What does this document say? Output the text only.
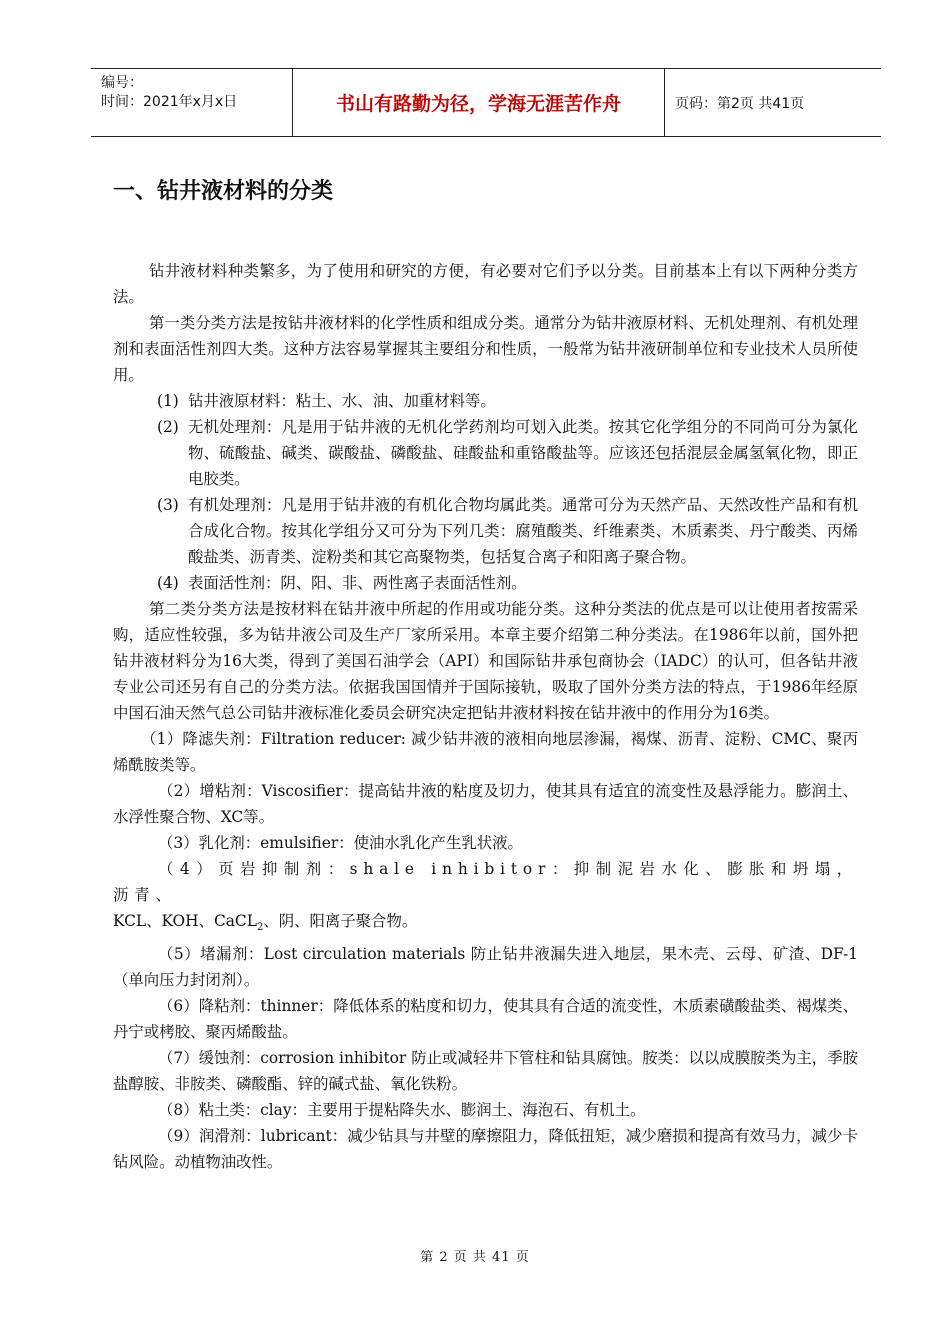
编号：
时间：2021年x月x日	书山有路勤为径，学海无涯苦作舟	页码：第2页 共41页
一、钻井液材料的分类

钻井液材料种类繁多，为了使用和研究的方便，有必要对它们予以分类。目前基本上有以下两种分类方法。

第一类分类方法是按钻井液材料的化学性质和组成分类。通常分为钻井液原材料、无机处理剂、有机处理剂和表面活性剂四大类。这种方法容易掌握其主要组分和性质，一般常为钻井液研制单位和专业技术人员所使用。

(1) 钻井液原材料：粘土、水、油、加重材料等。

(2) 无机处理剂：凡是用于钻井液的无机化学药剂均可划入此类。按其它化学组分的不同尚可分为氯化物、硫酸盐、碱类、碳酸盐、磷酸盐、硅酸盐和重铬酸盐等。应该还包括混层金属氢氧化物，即正电胶类。

(3) 有机处理剂：凡是用于钻井液的有机化合物均属此类。通常可分为天然产品、天然改性产品和有机合成化合物。按其化学组分又可分为下列几类：腐殖酸类、纤维素类、木质素类、丹宁酸类、丙烯酸盐类、沥青类、淀粉类和其它高聚物类，包括复合离子和阳离子聚合物。

(4) 表面活性剂：阴、阳、非、两性离子表面活性剂。

第二类分类方法是按材料在钻井液中所起的作用或功能分类。这种分类法的优点是可以让使用者按需采购，适应性较强，多为钻井液公司及生产厂家所采用。本章主要介绍第二种分类法。在1986年以前，国外把钻井液材料分为16大类，得到了美国石油学会（API）和国际钻井承包商协会（IADC）的认可，但各钻井液专业公司还另有自己的分类方法。依据我国国情并于国际接轨，吸取了国外分类方法的特点，于1986年经原中国石油天然气总公司钻井液标准化委员会研究决定把钻井液材料按在钻井液中的作用分为16类。

（1）降滤失剂：Filtration reducer: 减少钻井液的液相向地层渗漏，褐煤、沥青、淀粉、CMC、聚丙烯酰胺类等。

（2）增粘剂：Viscosifier：提高钻井液的粘度及切力，使其具有适宜的流变性及悬浮能力。膨润土、水浮性聚合物、XC等。

（3）乳化剂：emulsifier：使油水乳化产生乳状液。

（4）页岩抑制剂：shale inhibitor：抑制泥岩水化、膨胀和坍塌，沥青、
KCL、KOH、CaCL$_2$、阴、阳离子聚合物。

（5）堵漏剂：Lost circulation materials 防止钻井液漏失进入地层，果木壳、云母、矿渣、DF-1（单向压力封闭剂）。

（6）降粘剂：thinner：降低体系的粘度和切力，使其具有合适的流变性，木质素磺酸盐类、褐煤类、丹宁或栲胶、聚丙烯酸盐。

（7）缓蚀剂：corrosion inhibitor 防止或减轻井下管柱和钻具腐蚀。胺类：以以成膜胺类为主，季胺盐醇胺、非胺类、磷酸酯、锌的碱式盐、氧化铁粉。

（8）粘土类：clay：主要用于提粘降失水、膨润土、海泡石、有机土。

（9）润滑剂：lubricant：减少钻具与井壁的摩擦阻力，降低扭矩，减少磨损和提高有效马力，减少卡钻风险。动植物油改性。

第 2 页 共 41 页
